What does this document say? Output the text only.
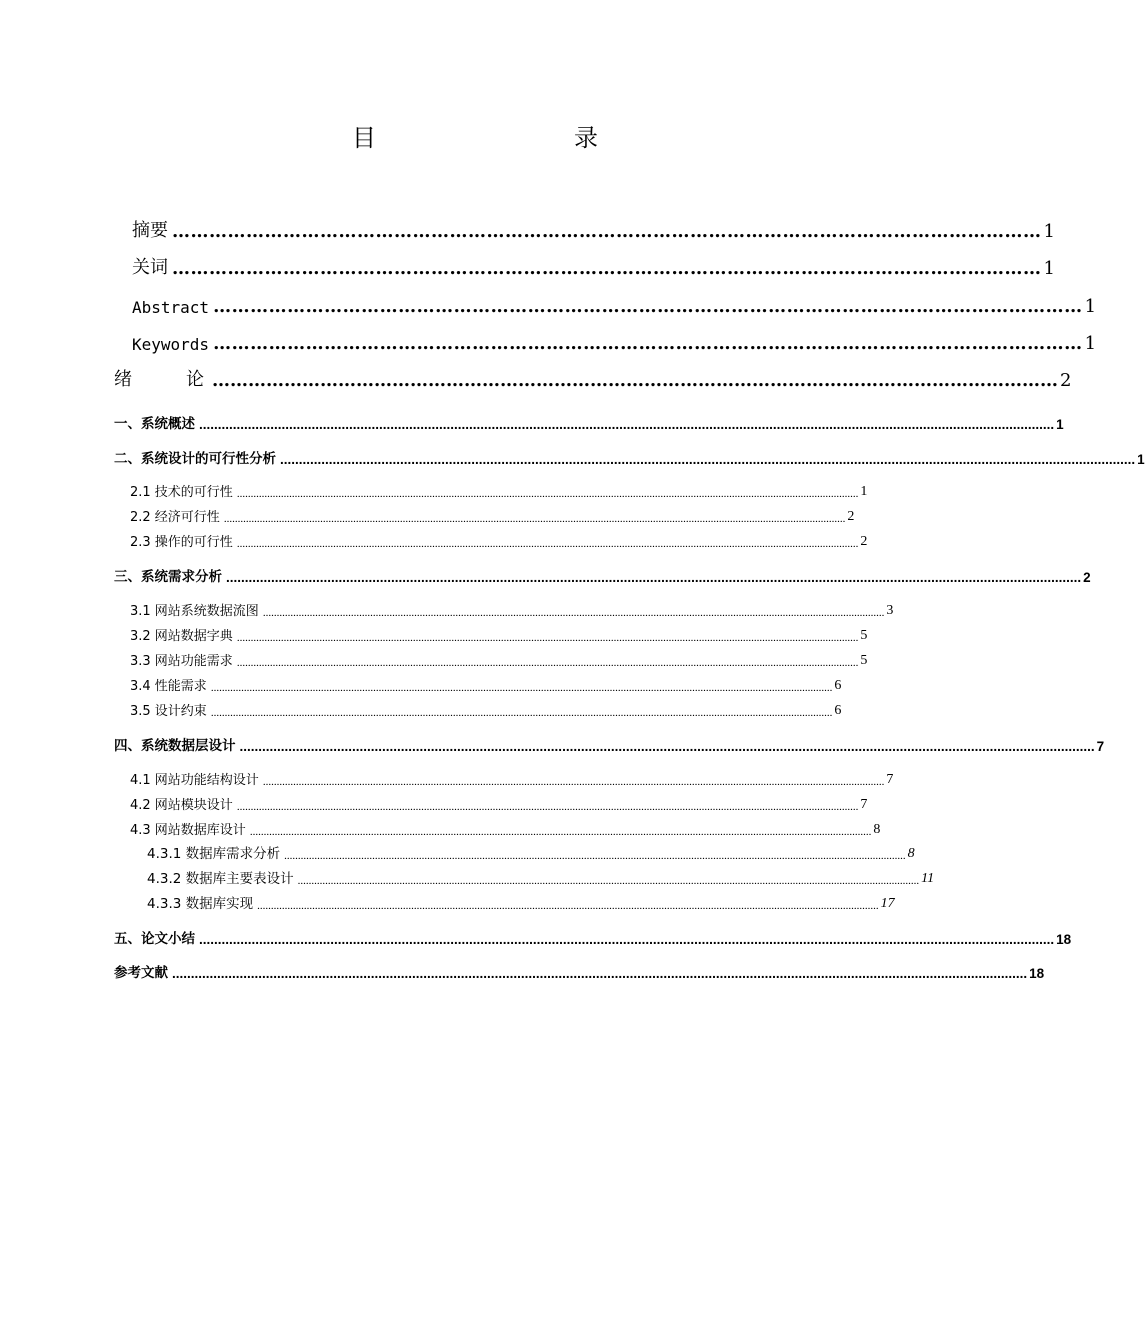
目　　录
摘要 …………………………………………………………………………………………………………………………… 1
关词 …………………………………………………………………………………………………………………………… 1
Abstract …………………………………………………………………………………………………………………………… 1
Keywords …………………………………………………………………………………………………………………………… 1
绪　论
…………………………………………………………………………………………………………………………… 2
一、系统概述 .................................................................................................................................................................................................................................... 1
二、系统设计的可行性分析 .................................................................................................................................................................................................................................... 1
2.1 技术的可行性 .................................................................................................................................................................................................................................. 1
2.2 经济可行性 .................................................................................................................................................................................................................................. 2
2.3 操作的可行性 .................................................................................................................................................................................................................................. 2
三、系统需求分析 .................................................................................................................................................................................................................................... 2
3.1 网站系统数据流图 .................................................................................................................................................................................................................................. 3
3.2 网站数据字典 .................................................................................................................................................................................................................................. 5
3.3 网站功能需求 .................................................................................................................................................................................................................................. 5
3.4 性能需求 .................................................................................................................................................................................................................................. 6
3.5 设计约束 .................................................................................................................................................................................................................................. 6
四、系统数据层设计 .................................................................................................................................................................................................................................... 7
4.1 网站功能结构设计 .................................................................................................................................................................................................................................. 7
4.2 网站模块设计 .................................................................................................................................................................................................................................. 7
4.3 网站数据库设计 .................................................................................................................................................................................................................................. 8
4.3.1 数据库需求分析 .................................................................................................................................................................................................................................. 8
4.3.2 数据库主要表设计 .................................................................................................................................................................................................................................. 11
4.3.3 数据库实现 .................................................................................................................................................................................................................................. 17
五、论文小结 .................................................................................................................................................................................................................................... 18
参考文献 .................................................................................................................................................................................................................................... 18
